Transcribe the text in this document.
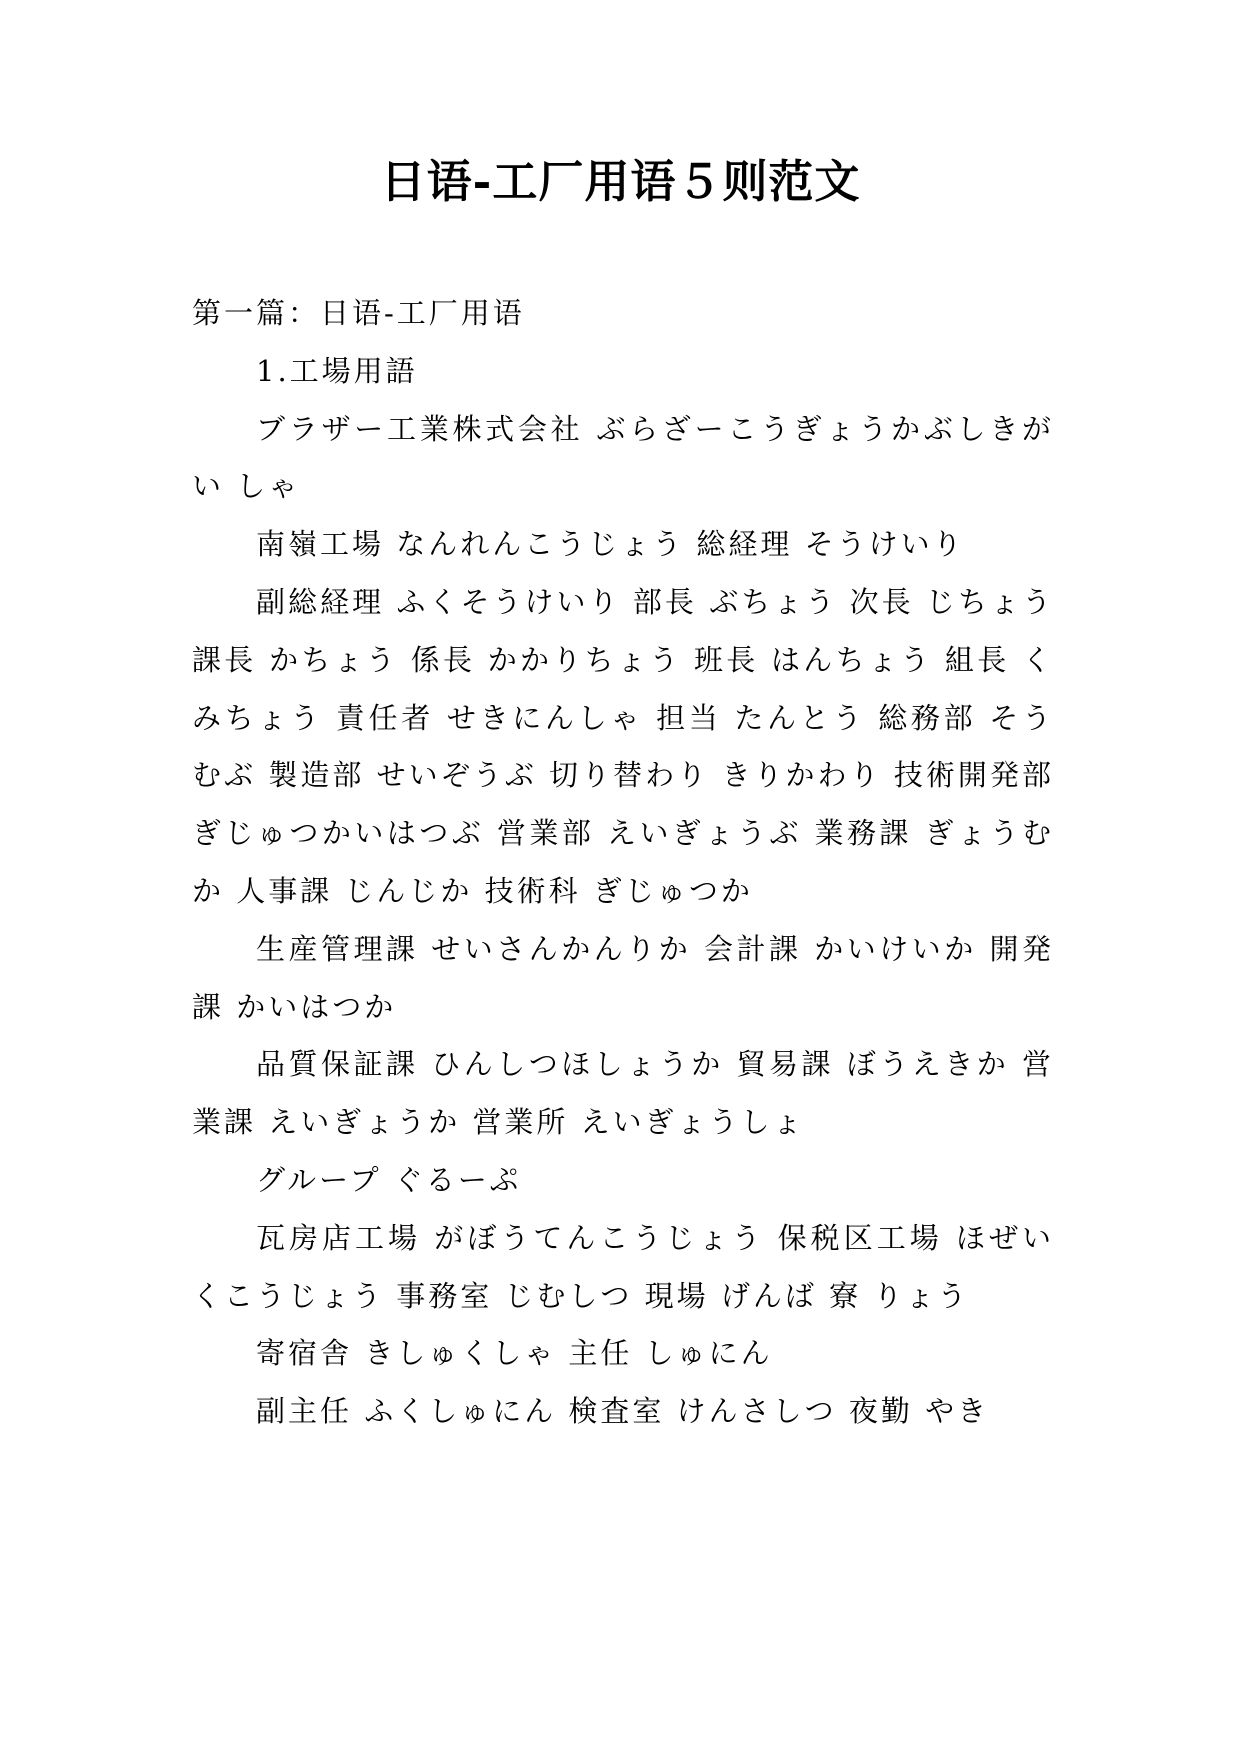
日语-工厂用语５则范文

第一篇：日语-工厂用语

1.工場用語

ブラザー工業株式会社 ぶらざーこうぎょうかぶしきがい しゃ

南嶺工場 なんれんこうじょう 総経理 そうけいり

副総経理 ふくそうけいり 部長 ぶちょう 次長 じちょう 課長 かちょう 係長 かかりちょう 班長 はんちょう 組長 くみちょう 責任者 せきにんしゃ 担当 たんとう 総務部 そうむぶ 製造部 せいぞうぶ 切り替わり きりかわり 技術開発部 ぎじゅつかいはつぶ 営業部 えいぎょうぶ 業務課 ぎょうむか 人事課 じんじか 技術科 ぎじゅつか

生産管理課 せいさんかんりか 会計課 かいけいか 開発課 かいはつか

品質保証課 ひんしつほしょうか 貿易課 ぼうえきか 営業課 えいぎょうか 営業所 えいぎょうしょ

グループ ぐるーぷ

瓦房店工場 がぼうてんこうじょう 保税区工場 ほぜいくこうじょう 事務室 じむしつ 現場 げんば 寮 りょう

寄宿舎 きしゅくしゃ 主任 しゅにん

副主任 ふくしゅにん 検査室 けんさしつ 夜勤 やき
